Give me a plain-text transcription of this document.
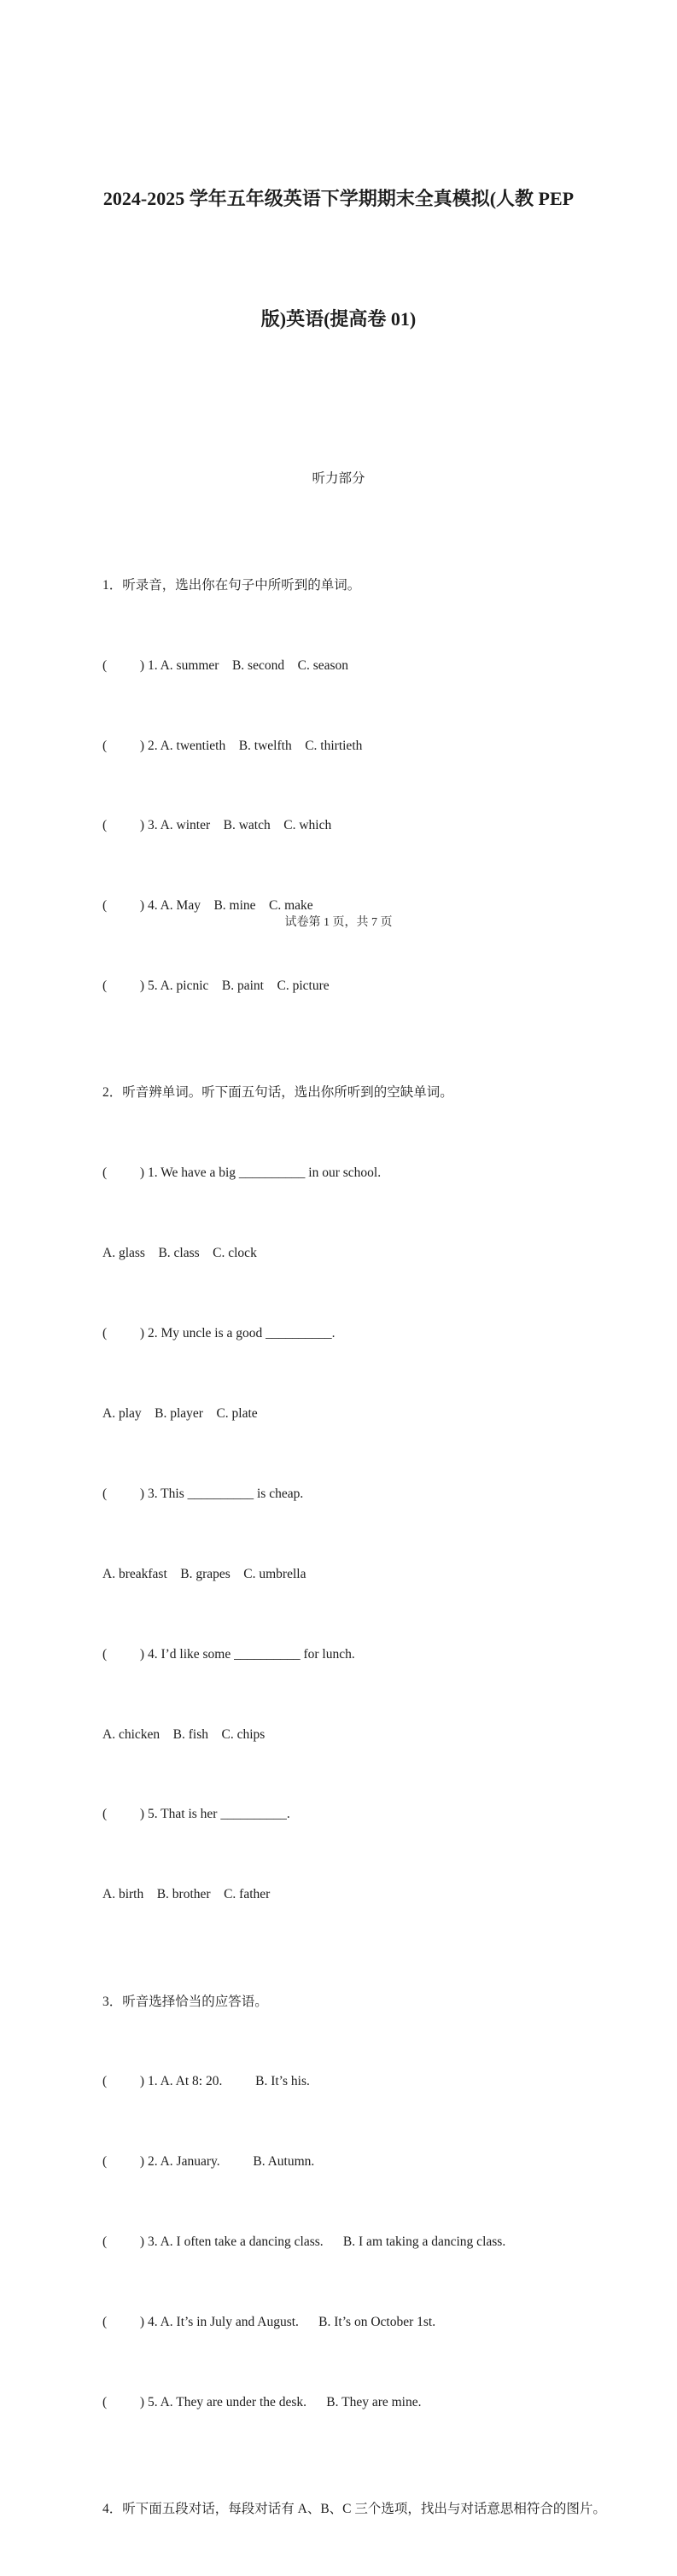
2024-2025 学年五年级英语下学期期末全真模拟(人教 PEP

版)英语(提高卷 01)

听力部分

1．听录音，选出你在句子中所听到的单词。

(          ) 1. A. summer    B. second    C. season

(          ) 2. A. twentieth    B. twelfth    C. thirtieth

(          ) 3. A. winter    B. watch    C. which

(          ) 4. A. May    B. mine    C. make

(          ) 5. A. picnic    B. paint    C. picture

2．听音辨单词。听下面五句话，选出你所听到的空缺单词。

(          ) 1. We have a big __________ in our school.

A. glass    B. class    C. clock

(          ) 2. My uncle is a good __________.

A. play    B. player    C. plate

(          ) 3. This __________ is cheap.

A. breakfast    B. grapes    C. umbrella

(          ) 4. I’d like some __________ for lunch.

A. chicken    B. fish    C. chips

(          ) 5. That is her __________.

A. birth    B. brother    C. father

3．听音选择恰当的应答语。

(          ) 1. A. At 8: 20.          B. It’s his.

(          ) 2. A. January.          B. Autumn.

(          ) 3. A. I often take a dancing class.      B. I am taking a dancing class.

(          ) 4. A. It’s in July and August.      B. It’s on October 1st.

(          ) 5. A. They are under the desk.      B. They are mine.

4．听下面五段对话，每段对话有 A、B、C 三个选项，找出与对话意思相符合的图片。

试卷第 1 页，共 7 页
